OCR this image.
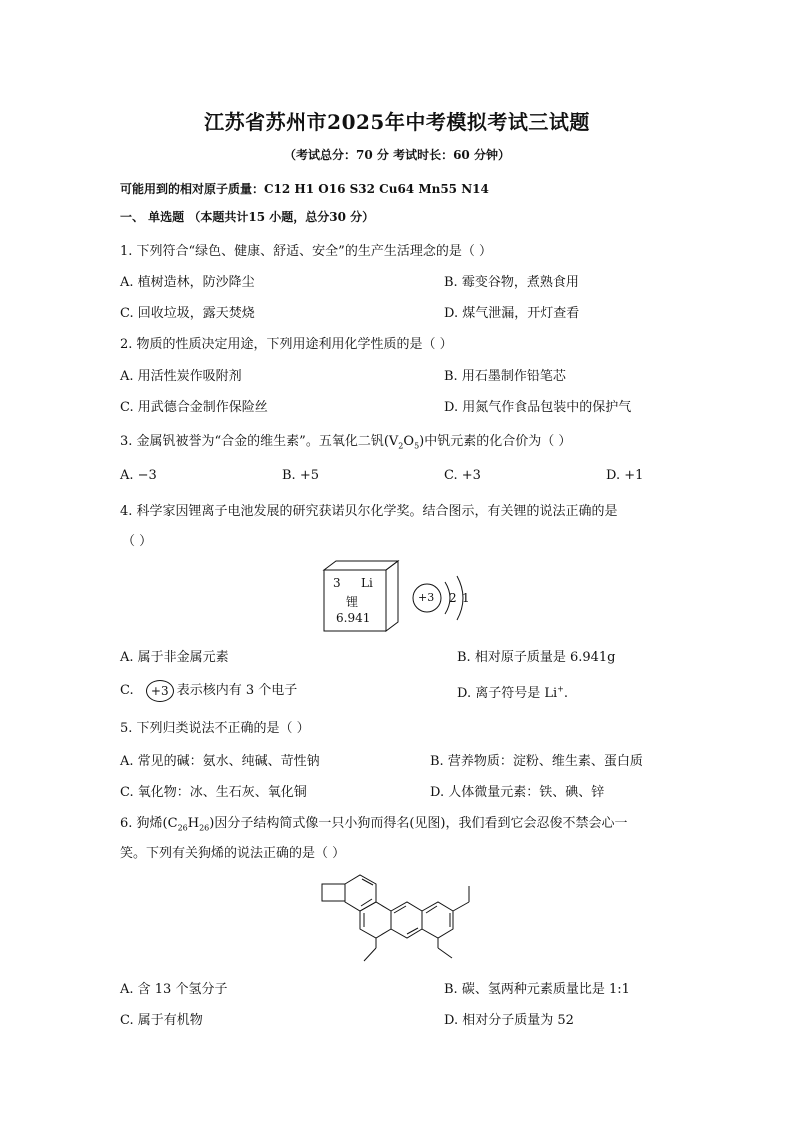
江苏省苏州市2025年中考模拟考试三试题
（考试总分：70 分 考试时长：60 分钟）
可能用到的相对原子质量：C12 H1 O16 S32 Cu64 Mn55 N14
一、 单选题 （本题共计15 小题，总分30 分）
1. 下列符合“绿色、健康、舒适、安全”的生产生活理念的是（ ）
A. 植树造林，防沙降尘	B. 霉变谷物，煮熟食用
C. 回收垃圾，露天焚烧	D. 煤气泄漏，开灯查看
2. 物质的性质决定用途，下列用途利用化学性质的是（ ）
A. 用活性炭作吸附剂	B. 用石墨制作铅笔芯
C. 用武德合金制作保险丝	D. 用氮气作食品包装中的保护气
3. 金属钒被誉为“合金的维生素”。五氧化二钒$(V_2O_5)$中钒元素的化合价为（ ）
A. −3	B. +5	C. +3	D. +1
4. 科学家因锂离子电池发展的研究获诺贝尔化学奖。结合图示，有关锂的说法正确的是
（ ）
3 Li
锂
6.941
+3 2 1
A. 属于非金属元素	B. 相对原子质量是 6.941g
C. +3 表示核内有 3 个电子	D. 离子符号是 Li+.
5. 下列归类说法不正确的是（ ）
A. 常见的碱：氨水、纯碱、苛性钠	B. 营养物质：淀粉、维生素、蛋白质
C. 氧化物：冰、生石灰、氧化铜	D. 人体微量元素：铁、碘、锌
6. 狗烯$(C_{26}H_{26})$因分子结构简式像一只小狗而得名(见图)，我们看到它会忍俊不禁会心一
笑。下列有关狗烯的说法正确的是（ ）
A. 含 13 个氢分子	B. 碳、氢两种元素质量比是 1:1
C. 属于有机物	D. 相对分子质量为 52
